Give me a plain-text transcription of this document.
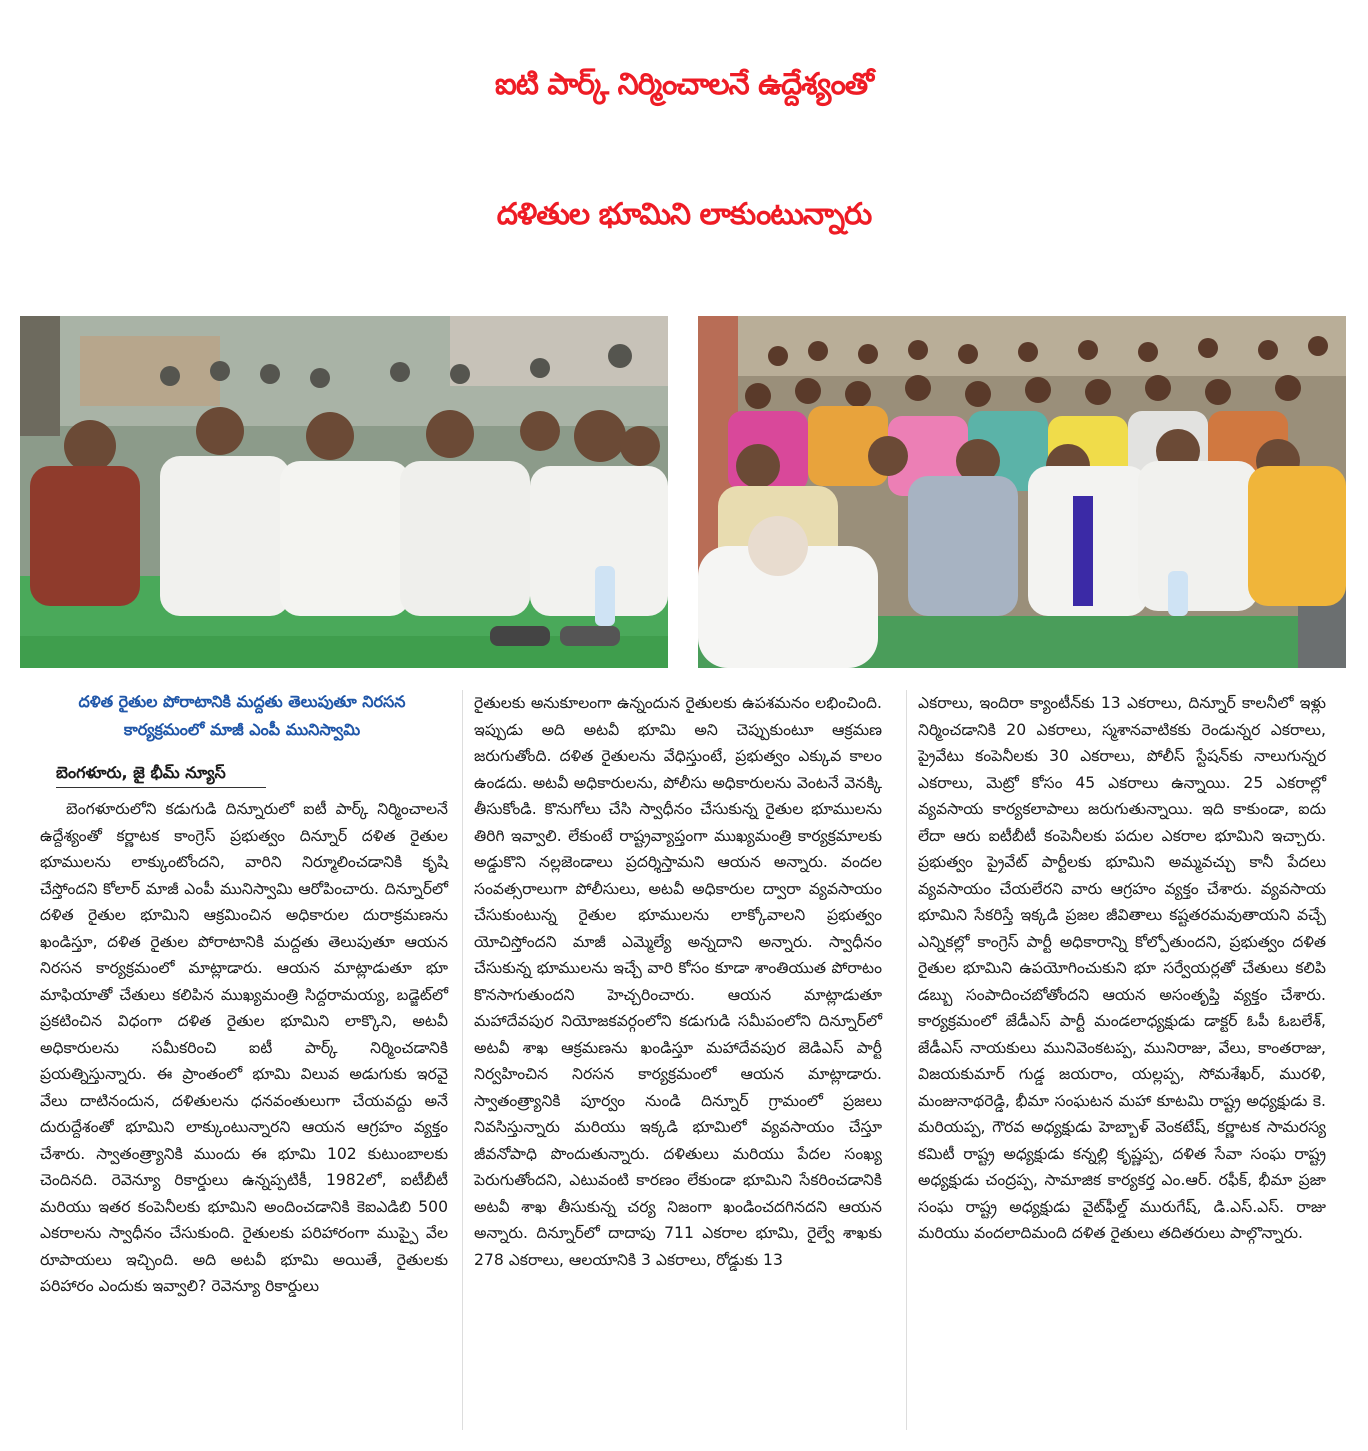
ఐటి పార్క్ నిర్మించాలనే ఉద్దేశ్యంతో
దళితుల భూమిని లాకుంటున్నారు
దళిత రైతుల పోరాటానికి మద్దతు తెలుపుతూ నిరసన కార్యక్రమంలో మాజీ ఎంపీ మునిస్వామి
బెంగళూరు, జై భీమ్ న్యూస్

బెంగళూరులోని కడుగుడి దిన్నూరులో ఐటీ పార్క్ నిర్మించాలనే ఉద్దేశ్యంతో కర్ణాటక కాంగ్రెస్ ప్రభుత్వం దిన్నూర్ దళిత రైతుల భూములను లాక్కుంటోందని, వారిని నిర్మూలించడానికి కృషి చేస్తోందని కోలార్ మాజీ ఎంపీ మునిస్వామి ఆరోపించారు. దిన్నూర్‌లో దళిత రైతుల భూమిని ఆక్రమించిన అధికారుల దురాక్రమణను ఖండిస్తూ, దళిత రైతుల పోరాటానికి మద్దతు తెలుపుతూ ఆయన నిరసన కార్యక్రమంలో మాట్లాడారు. ఆయన మాట్లాడుతూ భూ మాఫియాతో చేతులు కలిపిన ముఖ్యమంత్రి సిద్దరామయ్య, బడ్జెట్‌లో ప్రకటించిన విధంగా దళిత రైతుల భూమిని లాక్కొని, అటవీ అధికారులను సమీకరించి ఐటీ పార్క్ నిర్మించడానికి ప్రయత్నిస్తున్నారు. ఈ ప్రాంతంలో భూమి విలువ అడుగుకు ఇరవై వేలు దాటినందున, దళితులను ధనవంతులుగా చేయవద్దు అనే దురుద్దేశంతో భూమిని లాక్కుంటున్నారని ఆయన ఆగ్రహం వ్యక్తం చేశారు. స్వాతంత్ర్యానికి ముందు ఈ భూమి 102 కుటుంబాలకు చెందినది. రెవెన్యూ రికార్డులు ఉన్నప్పటికీ, 1982లో, ఐటీబీటీ మరియు ఇతర కంపెనీలకు భూమిని అందించడానికి కెఐఎడిబి 500 ఎకరాలను స్వాధీనం చేసుకుంది. రైతులకు పరిహారంగా ముప్పై వేల రూపాయలు ఇచ్చింది. అది అటవీ భూమి అయితే, రైతులకు పరిహారం ఎందుకు ఇవ్వాలి? రెవెన్యూ రికార్డులు

రైతులకు అనుకూలంగా ఉన్నందున రైతులకు ఉపశమనం లభించింది. ఇప్పుడు అది అటవీ భూమి అని చెప్పుకుంటూ ఆక్రమణ జరుగుతోంది. దళిత రైతులను వేధిస్తుంటే, ప్రభుత్వం ఎక్కువ కాలం ఉండదు. అటవీ అధికారులను, పోలీసు అధికారులను వెంటనే వెనక్కి తీసుకోండి. కొనుగోలు చేసి స్వాధీనం చేసుకున్న రైతుల భూములను తిరిగి ఇవ్వాలి. లేకుంటే రాష్ట్రవ్యాప్తంగా ముఖ్యమంత్రి కార్యక్రమాలకు అడ్డుకొని నల్లజెండాలు ప్రదర్శిస్తామని ఆయన అన్నారు. వందల సంవత్సరాలుగా పోలీసులు, అటవీ అధికారుల ద్వారా వ్యవసాయం చేసుకుంటున్న రైతుల భూములను లాక్కోవాలని ప్రభుత్వం యోచిస్తోందని మాజీ ఎమ్మెల్యే అన్నదాని అన్నారు. స్వాధీనం చేసుకున్న భూములను ఇచ్చే వారి కోసం కూడా శాంతియుత పోరాటం కొనసాగుతుందని హెచ్చరించారు. ఆయన మాట్లాడుతూ మహాదేవపుర నియోజకవర్గంలోని కడుగుడి సమీపంలోని దిన్నూర్‌లో అటవీ శాఖ ఆక్రమణను ఖండిస్తూ మహాదేవపుర జెడిఎస్ పార్టీ నిర్వహించిన నిరసన కార్యక్రమంలో ఆయన మాట్లాడారు. స్వాతంత్ర్యానికి పూర్వం నుండి దిన్నూర్ గ్రామంలో ప్రజలు నివసిస్తున్నారు మరియు ఇక్కడి భూమిలో వ్యవసాయం చేస్తూ జీవనోపాధి పొందుతున్నారు. దళితులు మరియు పేదల సంఖ్య పెరుగుతోందని, ఎటువంటి కారణం లేకుండా భూమిని సేకరించడానికి అటవీ శాఖ తీసుకున్న చర్య నిజంగా ఖండించదగినదని ఆయన అన్నారు. దిన్నూర్‌లో దాదాపు 711 ఎకరాల భూమి, రైల్వే శాఖకు 278 ఎకరాలు, ఆలయానికి 3 ఎకరాలు, రోడ్డుకు 13

ఎకరాలు, ఇందిరా క్యాంటీన్‌కు 13 ఎకరాలు, దిన్నూర్ కాలనీలో ఇళ్లు నిర్మించడానికి 20 ఎకరాలు, స్మశానవాటికకు రెండున్నర ఎకరాలు, ప్రైవేటు కంపెనీలకు 30 ఎకరాలు, పోలీస్ స్టేషన్‌కు నాలుగున్నర ఎకరాలు, మెట్రో కోసం 45 ఎకరాలు ఉన్నాయి. 25 ఎకరాల్లో వ్యవసాయ కార్యకలాపాలు జరుగుతున్నాయి. ఇది కాకుండా, ఐదు లేదా ఆరు ఐటీబీటీ కంపెనీలకు పదుల ఎకరాల భూమిని ఇచ్చారు. ప్రభుత్వం ప్రైవేట్ పార్టీలకు భూమిని అమ్మవచ్చు కానీ పేదలు వ్యవసాయం చేయలేరని వారు ఆగ్రహం వ్యక్తం చేశారు. వ్యవసాయ భూమిని సేకరిస్తే ఇక్కడి ప్రజల జీవితాలు కష్టతరమవుతాయని వచ్చే ఎన్నికల్లో కాంగ్రెస్ పార్టీ అధికారాన్ని కోల్పోతుందని, ప్రభుత్వం దళిత రైతుల భూమిని ఉపయోగించుకుని భూ సర్వేయర్లతో చేతులు కలిపి డబ్బు సంపాదించబోతోందని ఆయన అసంతృప్తి వ్యక్తం చేశారు. కార్యక్రమంలో జేడీఎస్ పార్టీ మండలాధ్యక్షుడు డాక్టర్ ఓపీ ఓబలేశ్, జేడీఎస్ నాయకులు మునివెంకటప్ప, మునిరాజు, వేలు, కాంతరాజు, విజయకుమార్ గుడ్డ జయరాం, యల్లప్ప, సోమశేఖర్, మురళి, మంజునాథరెడ్డి, భీమా సంఘటన మహా కూటమి రాష్ట్ర అధ్యక్షుడు కె. మరియప్ప, గౌరవ అధ్యక్షుడు హెబ్బాళ్ వెంకటేష్, కర్ణాటక సామరస్య కమిటీ రాష్ట్ర అధ్యక్షుడు కన్నల్లి కృష్ణప్ప, దళిత సేవా సంఘ రాష్ట్ర అధ్యక్షుడు చంద్రప్ప, సామాజిక కార్యకర్త ఎం.ఆర్. రఫీక్, భీమా ప్రజా సంఘ రాష్ట్ర అధ్యక్షుడు వైట్‌ఫీల్డ్ మురుగేష్, డి.ఎస్.ఎస్. రాజు మరియు వందలాదిమంది దళిత రైతులు తదితరులు పాల్గొన్నారు.
